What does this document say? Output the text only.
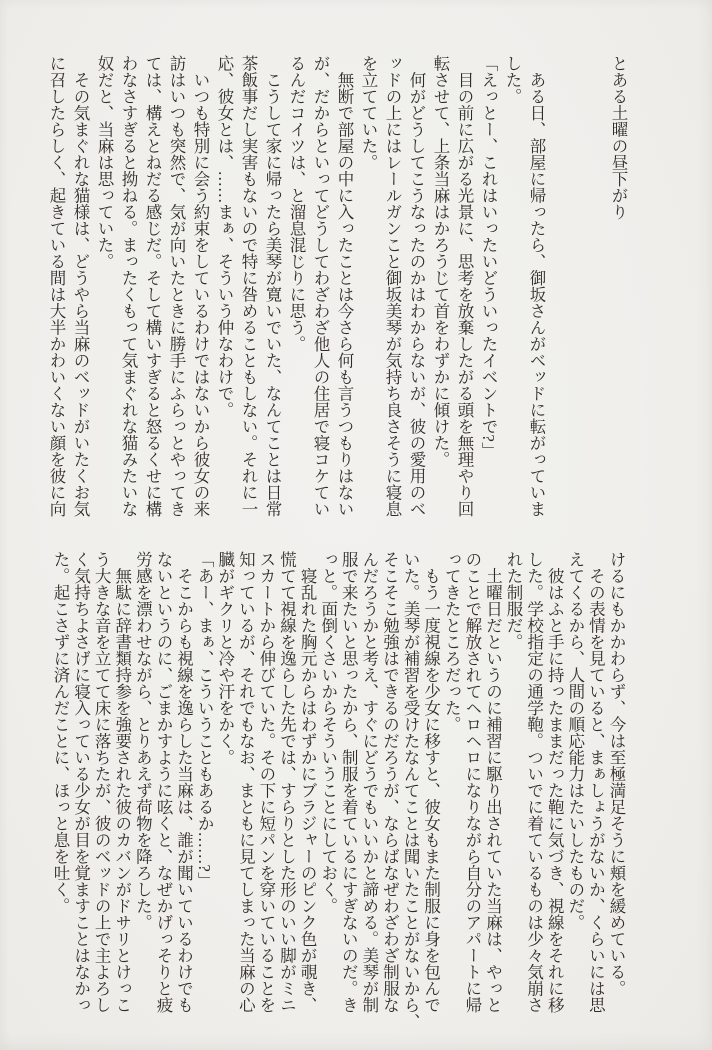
とある土曜の昼下がり
　ある日、部屋に帰ったら、御坂さんがベッドに転がっていま
した。
「えっとー、これはいったいどういったイベントで?」
　目の前に広がる光景に、思考を放棄したがる頭を無理やり回
転させて、上条当麻はかろうじて首をわずかに傾けた。
　何がどうしてこうなったのかはわからないが、彼の愛用のベ
ッドの上にはレールガンこと御坂美琴が気持ち良さそうに寝息
を立てていた。
　無断で部屋の中に入ったことは今さら何も言うつもりはない
が、だからといってどうしてわざわざ他人の住居で寝コケてい
るんだコイツは、と溜息混じりに思う。
　こうして家に帰ったら美琴が寛いでいた、なんてことは日常
茶飯事だし実害もないので特に咎めることもしない。それに一
応、彼女とは、……まぁ、そういう仲なわけで。
　いつも特別に会う約束をしているわけではないから彼女の来
訪はいつも突然で、気が向いたときに勝手にふらっとやってき
ては、構えとねだる感じだ。そして構いすぎると怒るくせに構
わなさすぎると拗ねる。まったくもって気まぐれな猫みたいな
奴だと、当麻は思っていた。
　その気まぐれな猫様は、どうやら当麻のベッドがいたくお気
に召したらしく、起きている間は大半かわいくない顔を彼に向
けるにもかかわらず、今は至極満足そうに頬を緩めている。
　その表情を見ていると、まぁしょうがないか、くらいには思
えてくるから、人間の順応能力はたいしたものだ。
　彼はふと手に持ったままだった鞄に気づき、視線をそれに移
した。学校指定の通学鞄。ついでに着ているものは少々気崩さ
れた制服だ。
　土曜日だというのに補習に駆り出されていた当麻は、やっと
のことで解放されてヘロヘロになりながら自分のアパートに帰
ってきたところだった。
　もう一度視線を少女に移すと、彼女もまた制服に身を包んで
いた。美琴が補習を受けたなんてことは聞いたことがないから、
そこそこ勉強はできるのだろうが、ならばなぜわざわざ制服な
んだろうかと考え、すぐにどうでもいいかと諦める。美琴が制
服で来たいと思ったから、制服を着ているにすぎないのだ。き
っと。面倒くさいからそういうことにしておく。
　寝乱れた胸元からはわずかにブラジャーのピンク色が覗き、
慌てて視線を逸らした先では、すらりとした形のいい脚がミニ
スカートから伸びていた。その下に短パンを穿いていることを
知っているが、それでもなお、まともに見てしまった当麻の心
臓がギクリと冷や汗をかく。
「あー、まぁ、こういうこともあるか……?」
　そこからも視線を逸らした当麻は、誰が聞いているわけでも
ないというのに、ごまかすように呟くと、なぜかげっそりと疲
労感を漂わせながら、とりあえず荷物を降ろした。
　無駄に辞書類持参を強要された彼のカバンがドサリとけっこ
う大きな音を立てて床に落ちたが、彼のベッドの上で主よろし
く気持ちよさげに寝入っている少女が目を覚ますことはなかっ
た。起こさずに済んだことに、ほっと息を吐く。
